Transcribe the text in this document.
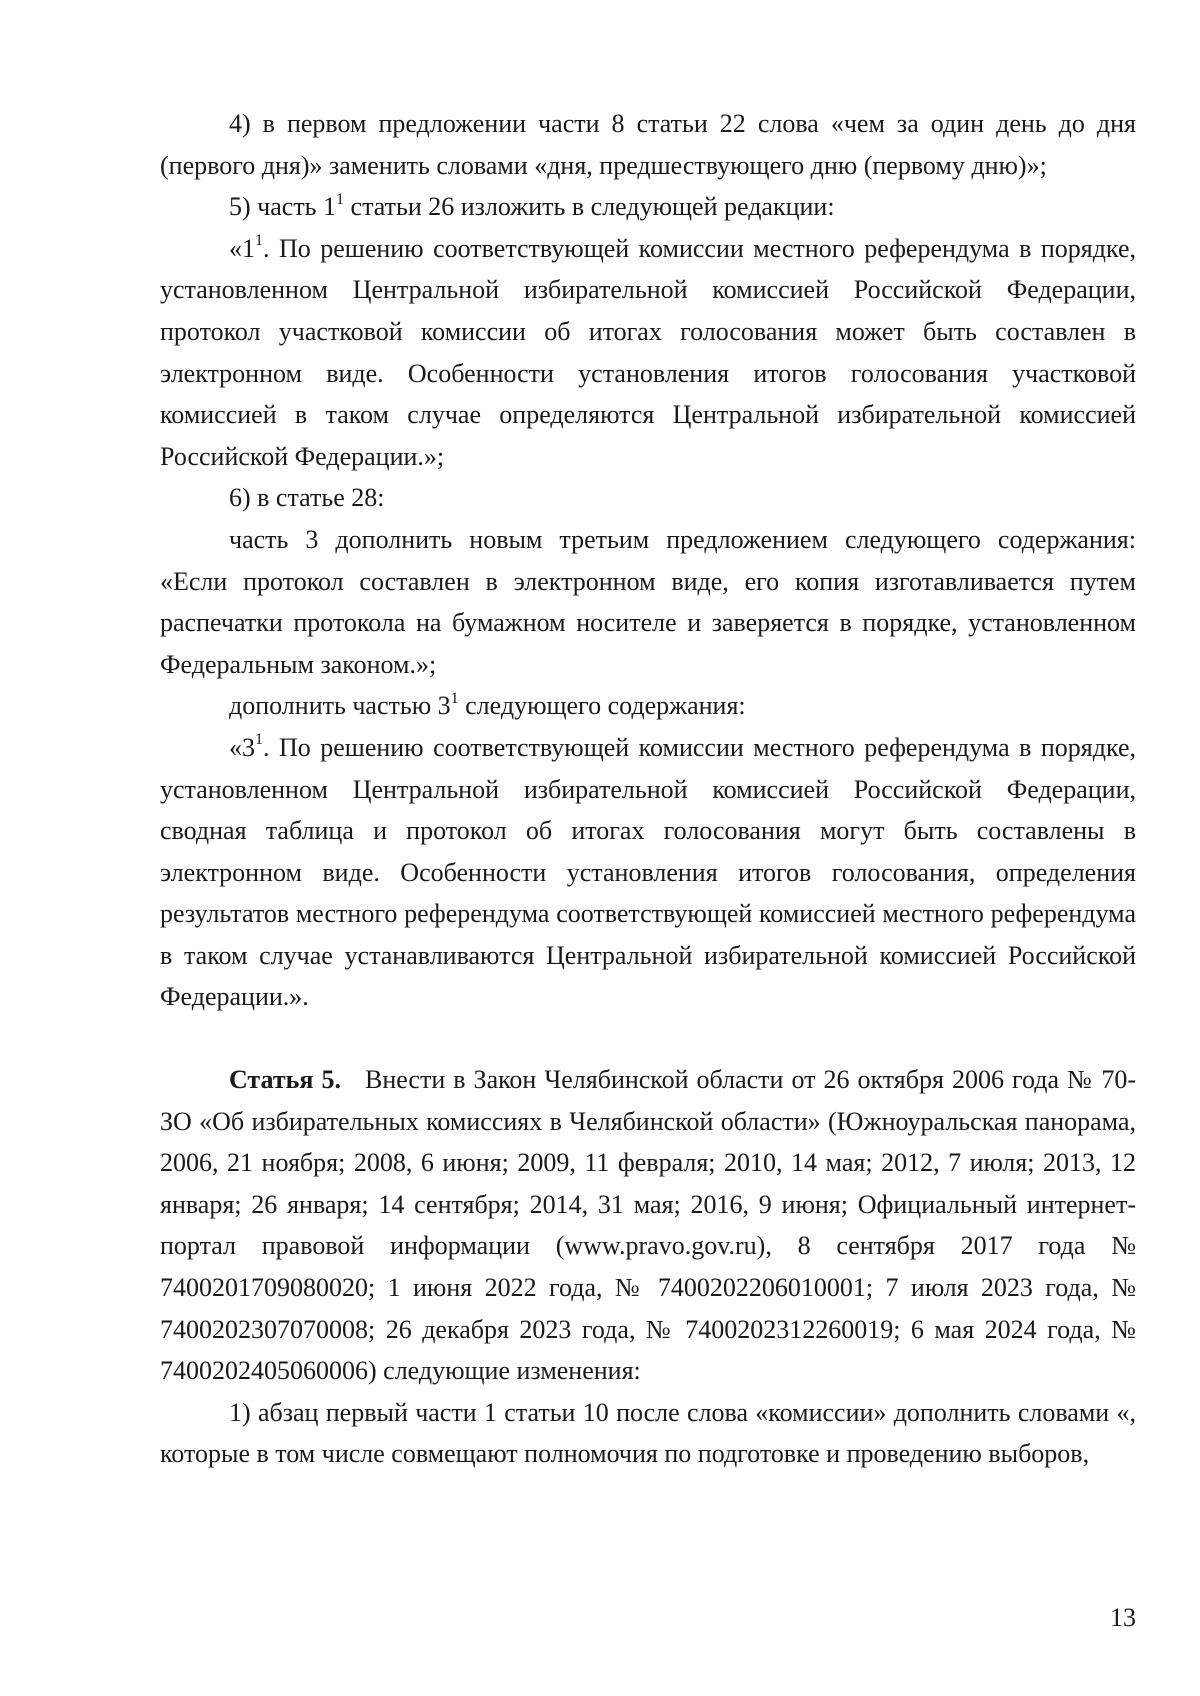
4) в первом предложении части 8 статьи 22 слова «чем за один день до дня (первого дня)» заменить словами «дня, предшествующего дню (первому дню)»;

5) часть $1^1$ статьи 26 изложить в следующей редакции:

«$1^1$. По решению соответствующей комиссии местного референдума в порядке, установленном Центральной избирательной комиссией Российской Федерации, протокол участковой комиссии об итогах голосования может быть составлен в электронном виде. Особенности установления итогов голосования участковой комиссией в таком случае определяются Центральной избирательной комиссией Российской Федерации.»;

6) в статье 28:

часть 3 дополнить новым третьим предложением следующего содержания: «Если протокол составлен в электронном виде, его копия изготавливается путем распечатки протокола на бумажном носителе и заверяется в порядке, установленном Федеральным законом.»;

дополнить частью $3^1$ следующего содержания:

«$3^1$. По решению соответствующей комиссии местного референдума в порядке, установленном Центральной избирательной комиссией Российской Федерации, сводная таблица и протокол об итогах голосования могут быть составлены в электронном виде. Особенности установления итогов голосования, определения результатов местного референдума соответствующей комиссией местного референдума в таком случае устанавливаются Центральной избирательной комиссией Российской Федерации.».

Статья 5. Внести в Закон Челябинской области от 26 октября 2006 года № 70-ЗО «Об избирательных комиссиях в Челябинской области» (Южноуральская панорама, 2006, 21 ноября; 2008, 6 июня; 2009, 11 февраля; 2010, 14 мая; 2012, 7 июля; 2013, 12 января; 26 января; 14 сентября; 2014, 31 мая; 2016, 9 июня; Официальный интернет-портал правовой информации (www.pravo.gov.ru), 8 сентября 2017 года № 7400201709080020; 1 июня 2022 года, № 7400202206010001; 7 июля 2023 года, № 7400202307070008; 26 декабря 2023 года, № 7400202312260019; 6 мая 2024 года, № 7400202405060006) следующие изменения:

1) абзац первый части 1 статьи 10 после слова «комиссии» дополнить словами «, которые в том числе совмещают полномочия по подготовке и проведению выборов,

13
